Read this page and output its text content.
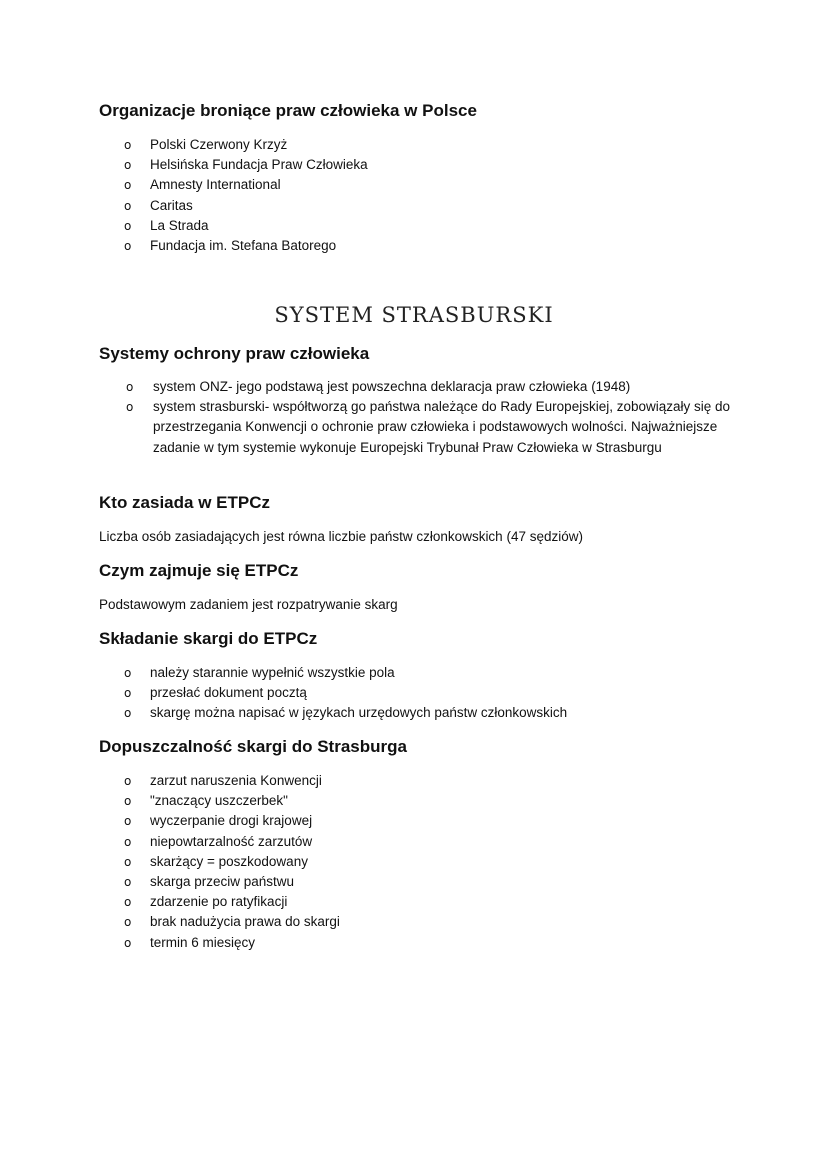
Organizacje broniące praw człowieka w Polsce
o Polski Czerwony Krzyż
o Helsińska Fundacja Praw Człowieka
o Amnesty International
o Caritas
o La Strada
o Fundacja im. Stefana Batorego
SYSTEM STRASBURSKI
Systemy ochrony praw człowieka
o system ONZ- jego podstawą jest powszechna deklaracja praw człowieka (1948)
o system strasburski- współtworzą go państwa należące do Rady Europejskiej, zobowiązały się do przestrzegania Konwencji o ochronie praw człowieka i podstawowych wolności. Najważniejsze zadanie w tym systemie wykonuje Europejski Trybunał Praw Człowieka w Strasburgu
Kto zasiada w ETPCz
Liczba osób zasiadających jest równa liczbie państw członkowskich (47 sędziów)
Czym zajmuje się ETPCz
Podstawowym zadaniem jest rozpatrywanie skarg
Składanie skargi do ETPCz
o należy starannie wypełnić wszystkie pola
o przesłać dokument pocztą
o skargę można napisać w językach urzędowych państw członkowskich
Dopuszczalność skargi do Strasburga
o zarzut naruszenia Konwencji
o "znaczący uszczerbek"
o wyczerpanie drogi krajowej
o niepowtarzalność zarzutów
o skarżący = poszkodowany
o skarga przeciw państwu
o zdarzenie po ratyfikacji
o brak nadużycia prawa do skargi
o termin 6 miesięcy
